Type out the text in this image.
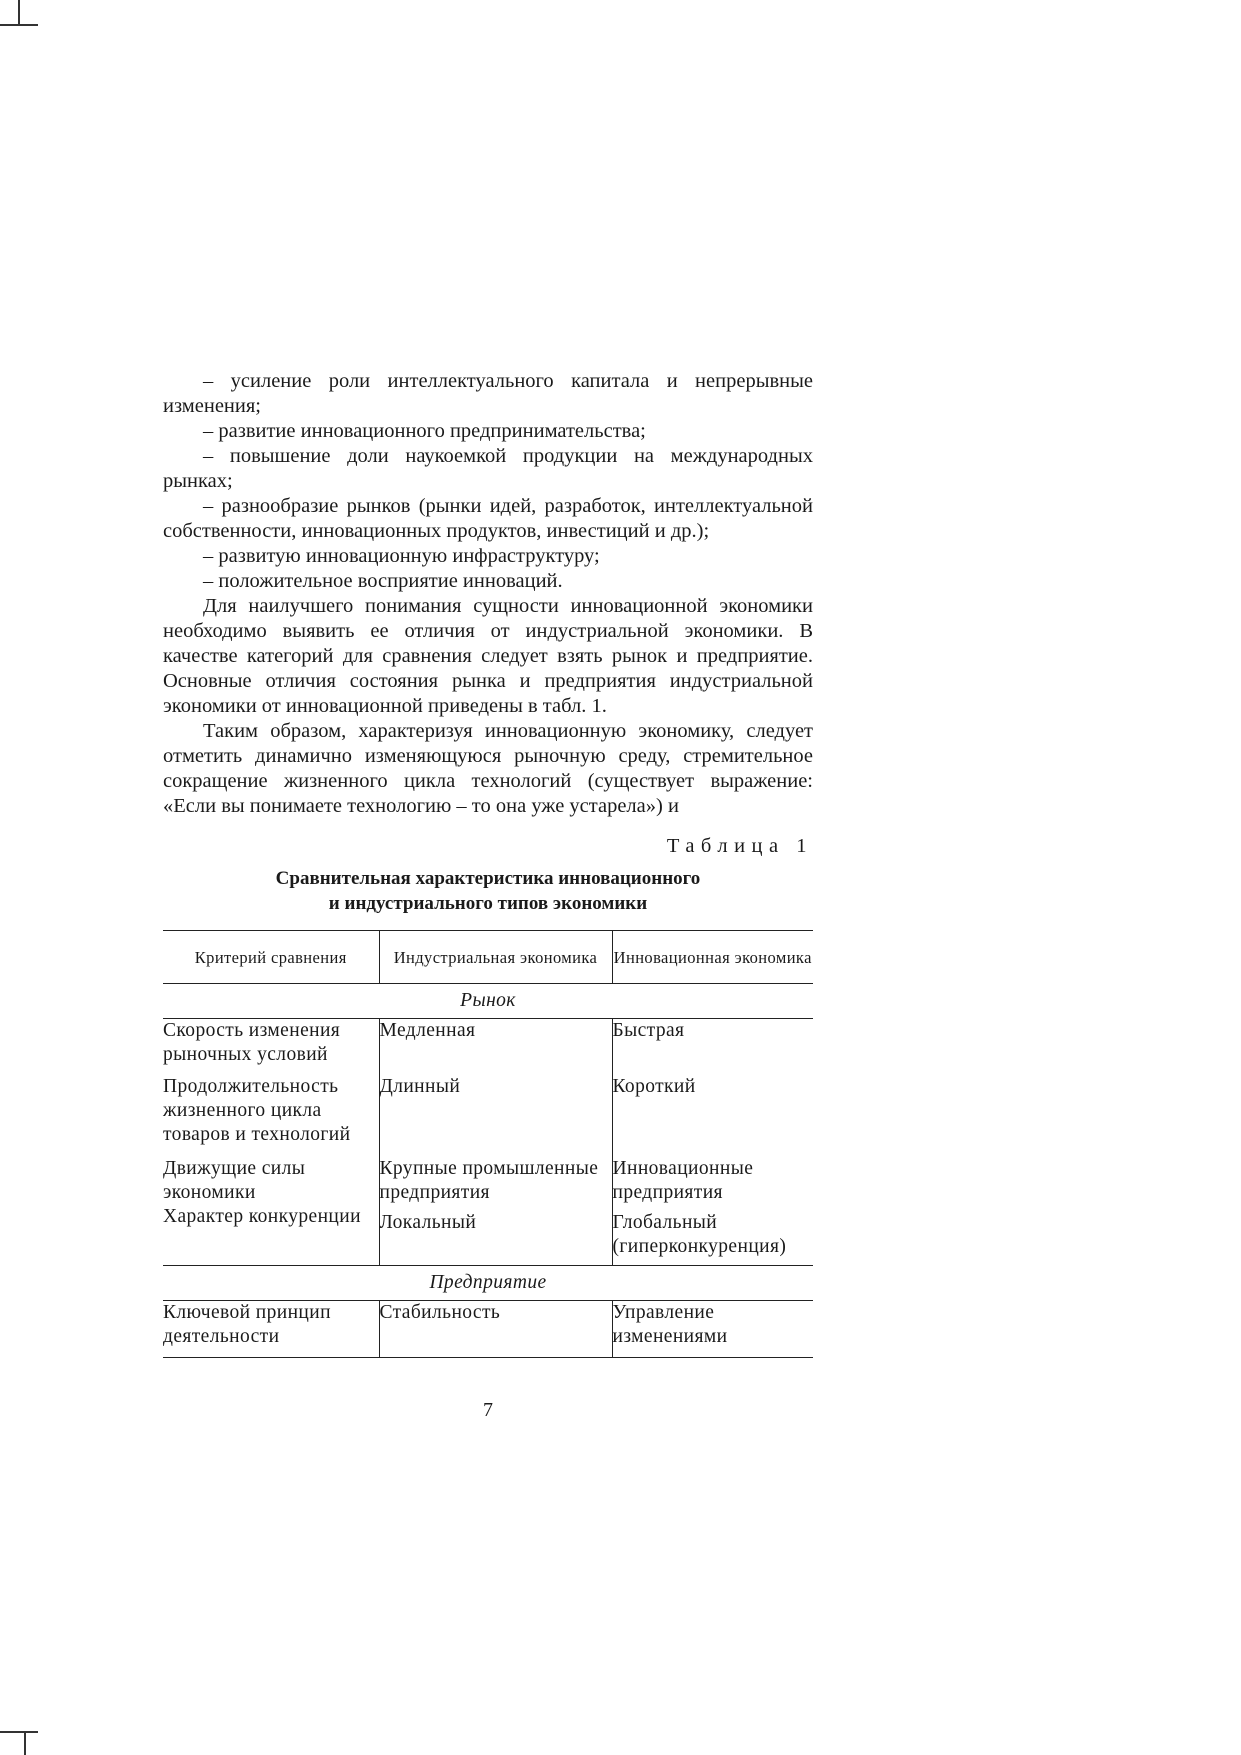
– усиление роли интеллектуального капитала и непрерывные изменения;

– развитие инновационного предпринимательства;

– повышение доли наукоемкой продукции на международных рынках;

– разнообразие рынков (рынки идей, разработок, интеллектуальной собственности, инновационных продуктов, инвестиций и др.);

– развитую инновационную инфраструктуру;

– положительное восприятие инноваций.

Для наилучшего понимания сущности инновационной экономики необходимо выявить ее отличия от индустриальной экономики. В качестве категорий для сравнения следует взять рынок и предприятие. Основные отличия состояния рынка и предприятия индустриальной экономики от инновационной приведены в табл. 1.

Таким образом, характеризуя инновационную экономику, следует отметить динамично изменяющуюся рыночную среду, стремительное сокращение жизненного цикла технологий (существует выражение: «Если вы понимаете технологию – то она уже устарела») и

Таблица 1
Сравнительная характеристика инновационного
и индустриального типов экономики
Критерий сравнения	Индустриальная экономика	Инновационная экономика
Рынок		
Скорость изменения рыночных условий	Медленная	Быстрая
Продолжительность жизненного цикла товаров и технологий	Длинный	Короткий
Движущие силы экономики	Крупные промышленные предприятия	Инновационные предприятия
Характер конкуренции	Локальный	Глобальный (гиперконкуренция)
Предприятие		
Ключевой принцип деятельности	Стабильность	Управление изменениями
7
